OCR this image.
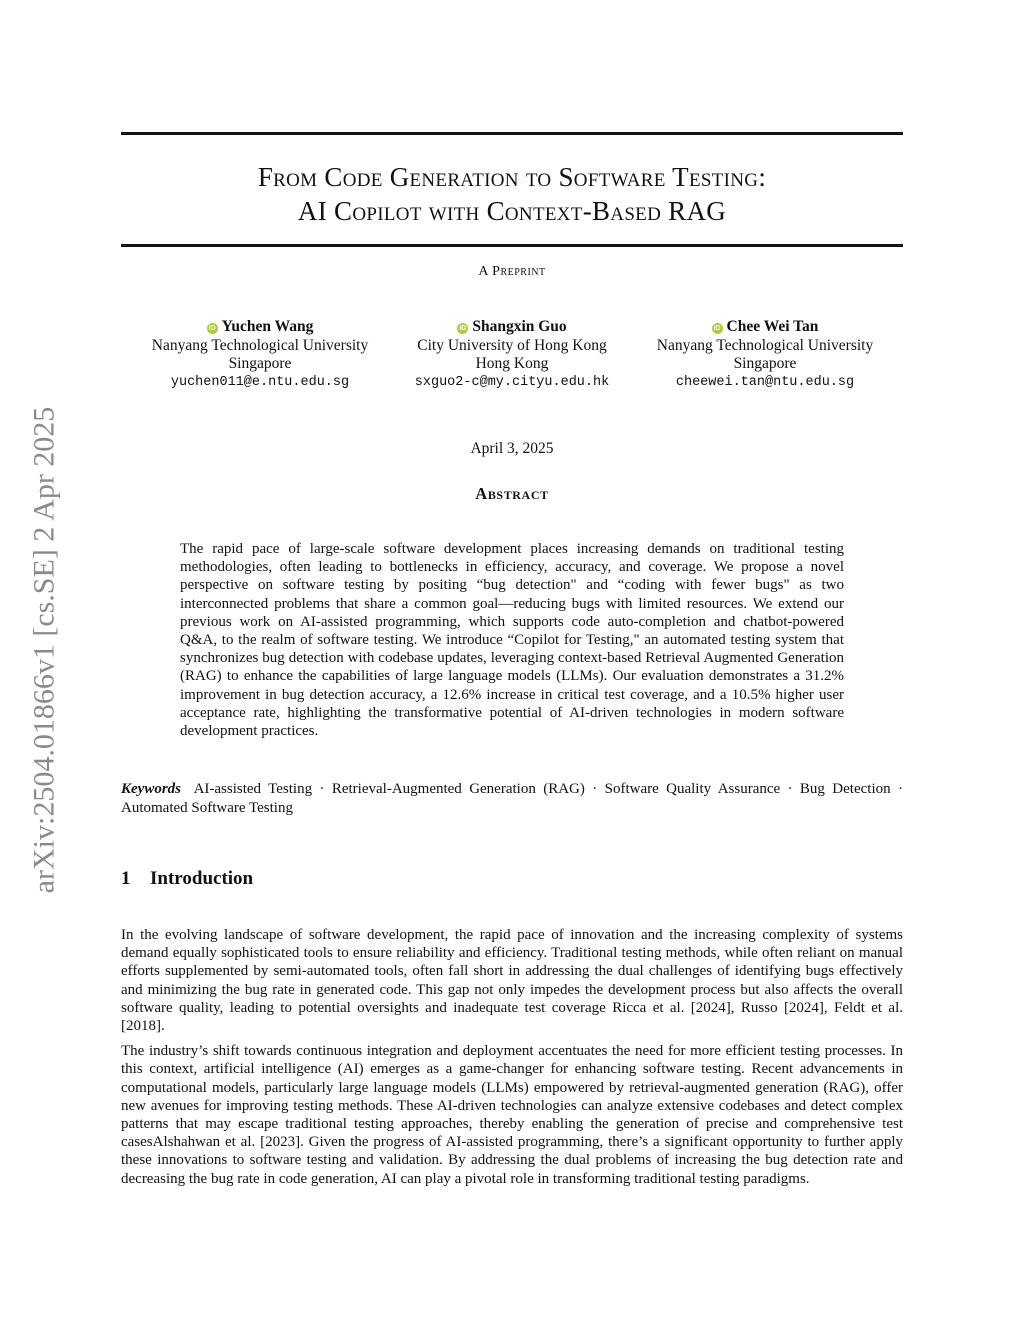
arXiv:2504.01866v1 [cs.SE] 2 Apr 2025
From Code Generation to Software Testing:
AI Copilot with Context-Based RAG
A Preprint
iD Yuchen Wang
Nanyang Technological University
Singapore
yuchen011@e.ntu.edu.sg
iD Shangxin Guo
City University of Hong Kong
Hong Kong
sxguo2-c@my.cityu.edu.hk
iD Chee Wei Tan
Nanyang Technological University
Singapore
cheewei.tan@ntu.edu.sg
April 3, 2025
Abstract

The rapid pace of large-scale software development places increasing demands on traditional testing methodologies, often leading to bottlenecks in efficiency, accuracy, and coverage. We propose a novel perspective on software testing by positing “bug detection" and “coding with fewer bugs" as two interconnected problems that share a common goal—reducing bugs with limited resources. We extend our previous work on AI-assisted programming, which supports code auto-completion and chatbot-powered Q&A, to the realm of software testing. We introduce “Copilot for Testing," an automated testing system that synchronizes bug detection with codebase updates, leveraging context-based Retrieval Augmented Generation (RAG) to enhance the capabilities of large language models (LLMs). Our evaluation demonstrates a 31.2% improvement in bug detection accuracy, a 12.6% increase in critical test coverage, and a 10.5% higher user acceptance rate, highlighting the transformative potential of AI-driven technologies in modern software development practices.

Keywords AI-assisted Testing · Retrieval-Augmented Generation (RAG) · Software Quality Assurance · Bug Detection · Automated Software Testing

1 Introduction

In the evolving landscape of software development, the rapid pace of innovation and the increasing complexity of systems demand equally sophisticated tools to ensure reliability and efficiency. Traditional testing methods, while often reliant on manual efforts supplemented by semi-automated tools, often fall short in addressing the dual challenges of identifying bugs effectively and minimizing the bug rate in generated code. This gap not only impedes the development process but also affects the overall software quality, leading to potential oversights and inadequate test coverage Ricca et al. [2024], Russo [2024], Feldt et al. [2018].

The industry’s shift towards continuous integration and deployment accentuates the need for more efficient testing processes. In this context, artificial intelligence (AI) emerges as a game-changer for enhancing software testing. Recent advancements in computational models, particularly large language models (LLMs) empowered by retrieval-augmented generation (RAG), offer new avenues for improving testing methods. These AI-driven technologies can analyze extensive codebases and detect complex patterns that may escape traditional testing approaches, thereby enabling the generation of precise and comprehensive test casesAlshahwan et al. [2023]. Given the progress of AI-assisted programming, there’s a significant opportunity to further apply these innovations to software testing and validation. By addressing the dual problems of increasing the bug detection rate and decreasing the bug rate in code generation, AI can play a pivotal role in transforming traditional testing paradigms.
